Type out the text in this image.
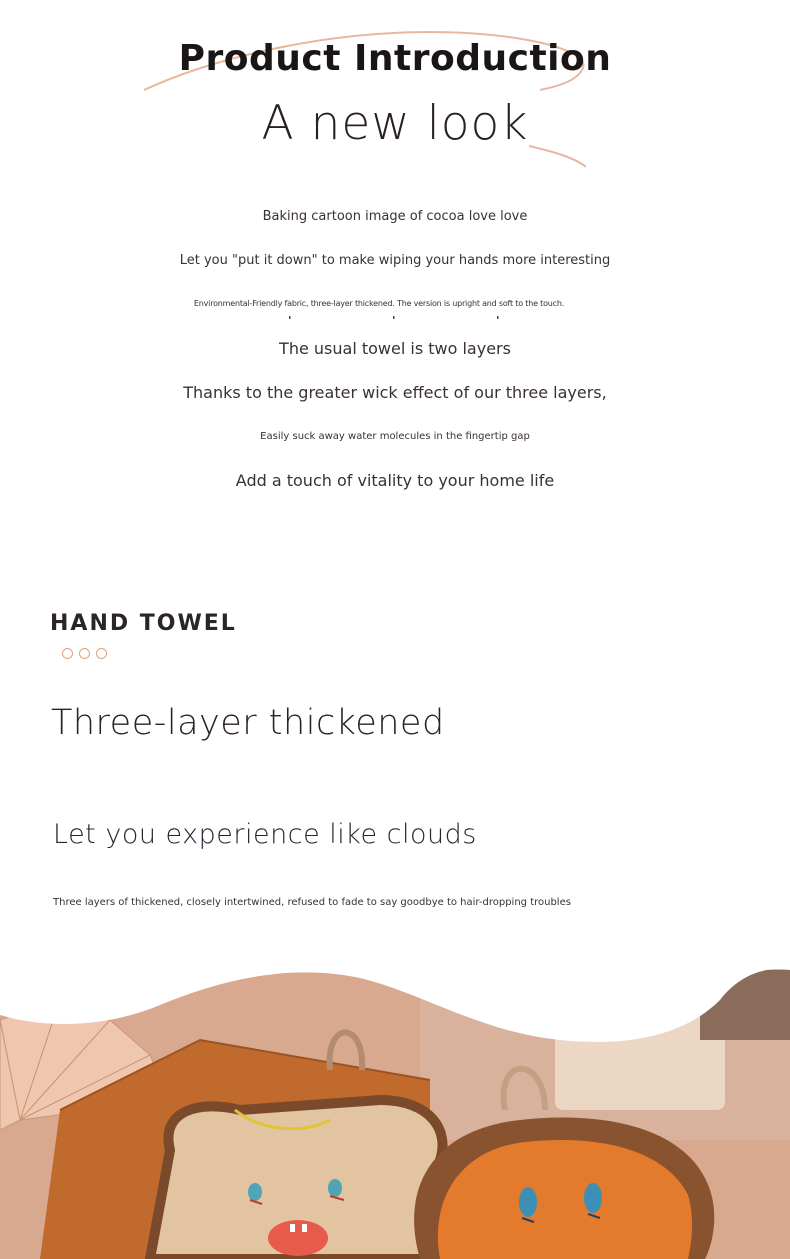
Product Introduction
A new look
Baking cartoon image of cocoa love love
Let you "put it down" to make wiping your hands more interesting
Environmental-Friendly fabric, three-layer thickened. The version is upright and soft to the touch.
The usual towel is two layers
Thanks to the greater wick effect of our three layers,
Easily suck away water molecules in the fingertip gap
Add a touch of vitality to your home life
HAND TOWEL
Three-layer thickened
Let you experience like clouds
Three layers of thickened, closely intertwined, refused to fade to say goodbye to hair-dropping troubles
